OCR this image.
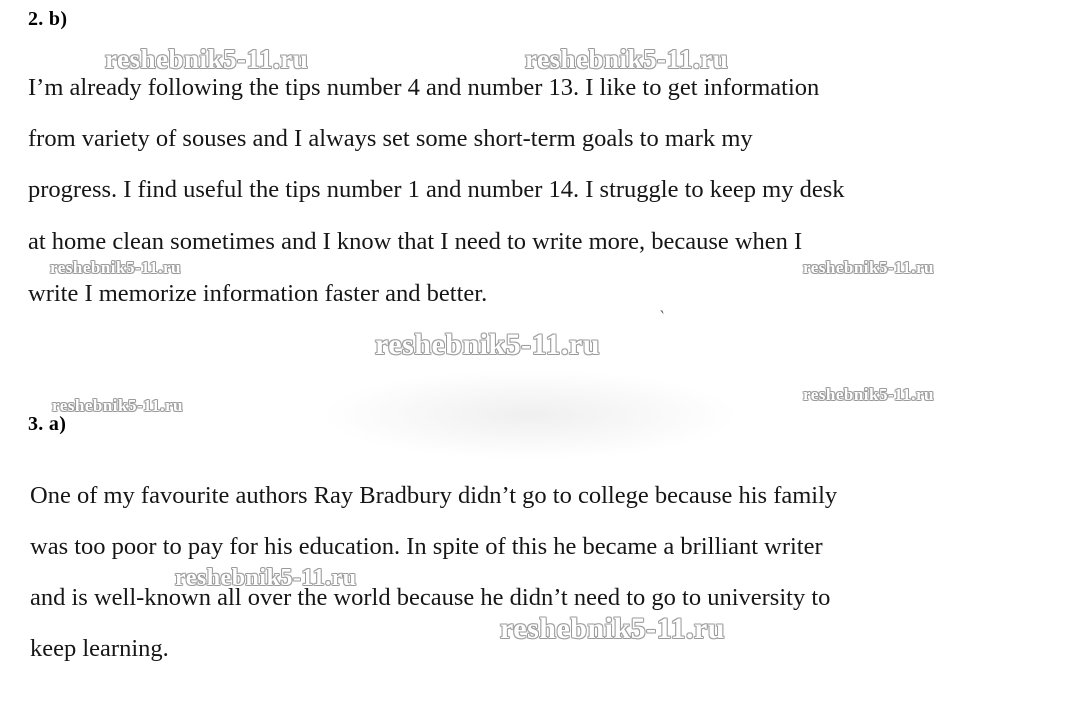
2. b)
I’m already following the tips number 4 and number 13. I like to get information
from variety of souses and I always set some short-term goals to mark my
progress. I find useful the tips number 1 and number 14. I struggle to keep my desk
at home clean sometimes and I know that I need to write more, because when I
write I memorize information faster and better.
3. a)
One of my favourite authors Ray Bradbury didn’t go to college because his family
was too poor to pay for his education. In spite of this he became a brilliant writer
and is well-known all over the world because he didn’t need to go to university to
keep learning.
`
reshebnik5-11.ru	reshebnik5-11.ru
reshebnik5-11.ru	reshebnik5-11.ru
reshebnik5-11.ru
reshebnik5-11.ru
reshebnik5-11.ru
reshebnik5-11.ru
reshebnik5-11.ru
